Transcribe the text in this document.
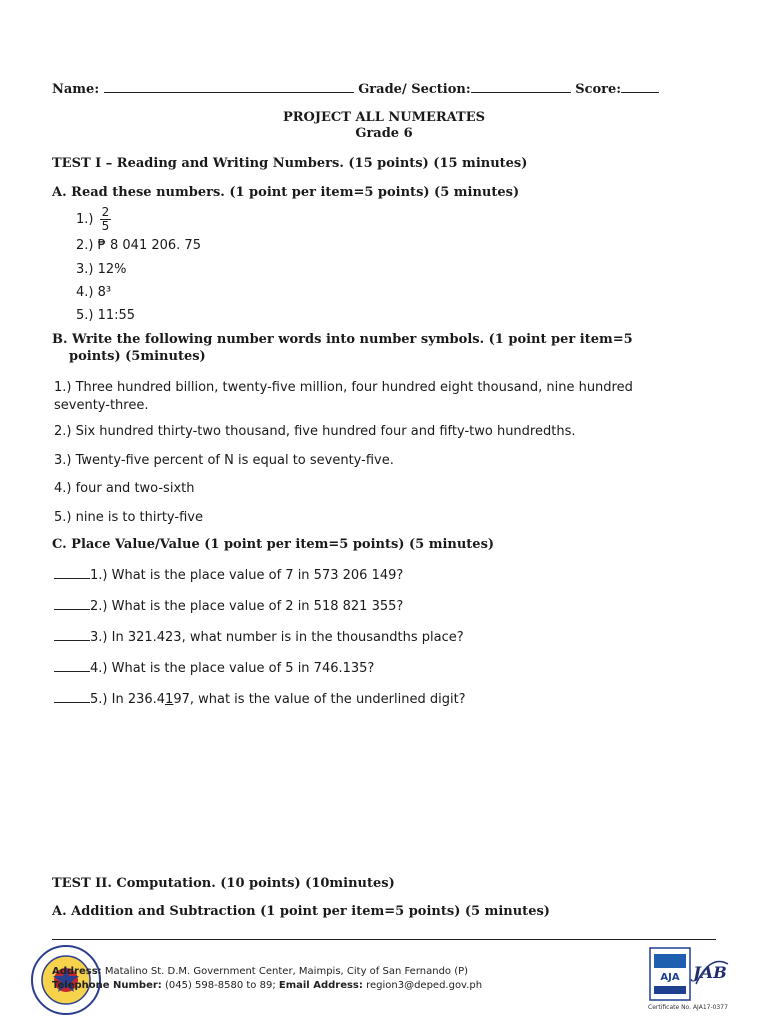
Name:	Grade/ Section:	Score:
PROJECT ALL NUMERATES
Grade 6
TEST I – Reading and Writing Numbers. (15 points) (15 minutes)
A. Read these numbers. (1 point per item=5 points) (5 minutes)
$1.) \frac{2}{5}$
2.) ₱ 8 041 206. 75
3.) 12%
4.) 8³
5.) 11:55
B. Write the following number words into number symbols. (1 point per item=5
points) (5minutes)
1.) Three hundred billion, twenty-five million, four hundred eight thousand, nine hundred seventy-three.
2.) Six hundred thirty-two thousand, five hundred four and fifty-two hundredths.
3.) Twenty-five percent of N is equal to seventy-five.
4.) four and two-sixth
5.) nine is to thirty-five
C. Place Value/Value (1 point per item=5 points) (5 minutes)
1.) What is the place value of 7 in 573 206 149?
2.) What is the place value of 2 in 518 821 355?
3.) In 321.423, what number is in the thousandths place?
4.) What is the place value of 5 in 746.135?
5.) In 236.4197, what is the value of the underlined digit?
TEST II. Computation. (10 points) (10minutes)
A. Addition and Subtraction (1 point per item=5 points) (5 minutes)
Address: Matalino St. D.M. Government Center, Maimpis, City of San Fernando (P)
Telephone Number: (045) 598-8580 to 89; Email Address: region3@deped.gov.ph
AJA JAB
Certificate No. AJA17-0377
